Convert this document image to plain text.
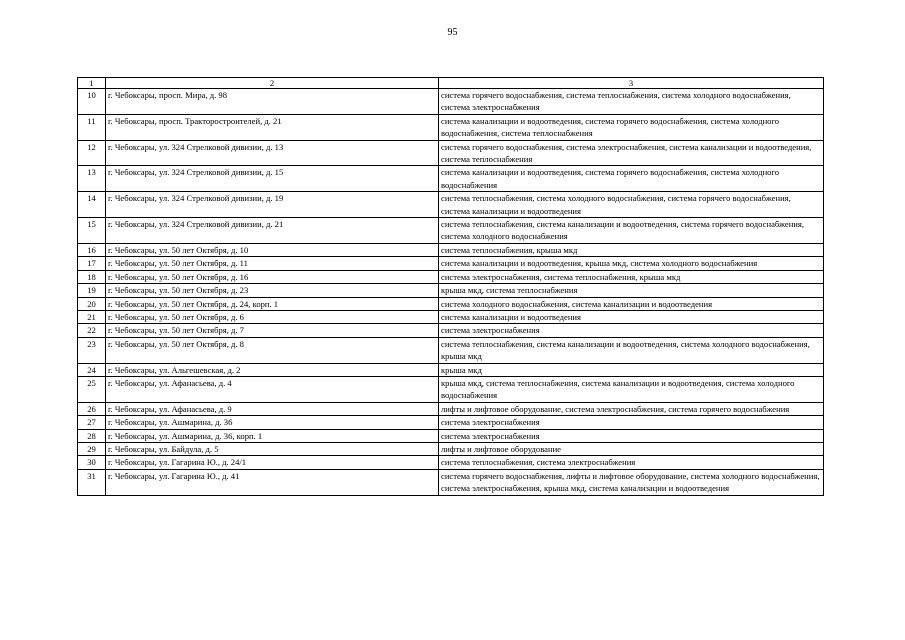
95
1	2	3
10	г. Чебоксары, просп. Мира, д. 98	система горячего водоснабжения, система теплоснабжения, система холодного водоснабжения, система электроснабжения
11	г. Чебоксары, просп. Тракторостроителей, д. 21	система канализации и водоотведения, система горячего водоснабжения, система холодного водоснабжения, система теплоснабжения
12	г. Чебоксары, ул. 324 Стрелковой дивизии, д. 13	система горячего водоснабжения, система электроснабжения, система канализации и водоотведения, система теплоснабжения
13	г. Чебоксары, ул. 324 Стрелковой дивизии, д. 15	система канализации и водоотведения, система горячего водоснабжения, система холодного водоснабжения
14	г. Чебоксары, ул. 324 Стрелковой дивизии, д. 19	система теплоснабжения, система холодного водоснабжения, система горячего водоснабжения, система канализации и водоотведения
15	г. Чебоксары, ул. 324 Стрелковой дивизии, д. 21	система теплоснабжения, система канализации и водоотведения, система горячего водоснабжения, система холодного водоснабжения
16	г. Чебоксары, ул. 50 лет Октября, д. 10	система теплоснабжения, крыша мкд
17	г. Чебоксары, ул. 50 лет Октября, д. 11	система канализации и водоотведения, крыша мкд, система холодного водоснабжения
18	г. Чебоксары, ул. 50 лет Октября, д. 16	система электроснабжения, система теплоснабжения, крыша мкд
19	г. Чебоксары, ул. 50 лет Октября, д. 23	крыша мкд, система теплоснабжения
20	г. Чебоксары, ул. 50 лет Октября, д. 24, корп. 1	система холодного водоснабжения, система канализации и водоотведения
21	г. Чебоксары, ул. 50 лет Октября, д. 6	система канализации и водоотведения
22	г. Чебоксары, ул. 50 лет Октября, д. 7	система электроснабжения
23	г. Чебоксары, ул. 50 лет Октября, д. 8	система теплоснабжения, система канализации и водоотведения, система холодного водоснабжения, крыша мкд
24	г. Чебоксары, ул. Альгешевская, д. 2	крыша мкд
25	г. Чебоксары, ул. Афанасьева, д. 4	крыша мкд, система теплоснабжения, система канализации и водоотведения, система холодного водоснабжения
26	г. Чебоксары, ул. Афанасьева, д. 9	лифты и лифтовое оборудование, система электроснабжения, система горячего водоснабжения
27	г. Чебоксары, ул. Ашмарина, д. 36	система электроснабжения
28	г. Чебоксары, ул. Ашмарина, д. 36, корп. 1	система электроснабжения
29	г. Чебоксары, ул. Байдула, д. 5	лифты и лифтовое оборудование
30	г. Чебоксары, ул. Гагарина Ю., д. 24/1	система теплоснабжения, система электроснабжения
31	г. Чебоксары, ул. Гагарина Ю., д. 41	система горячего водоснабжения, лифты и лифтовое оборудование, система холодного водоснабжения, система электроснабжения, крыша мкд, система канализации и водоотведения
